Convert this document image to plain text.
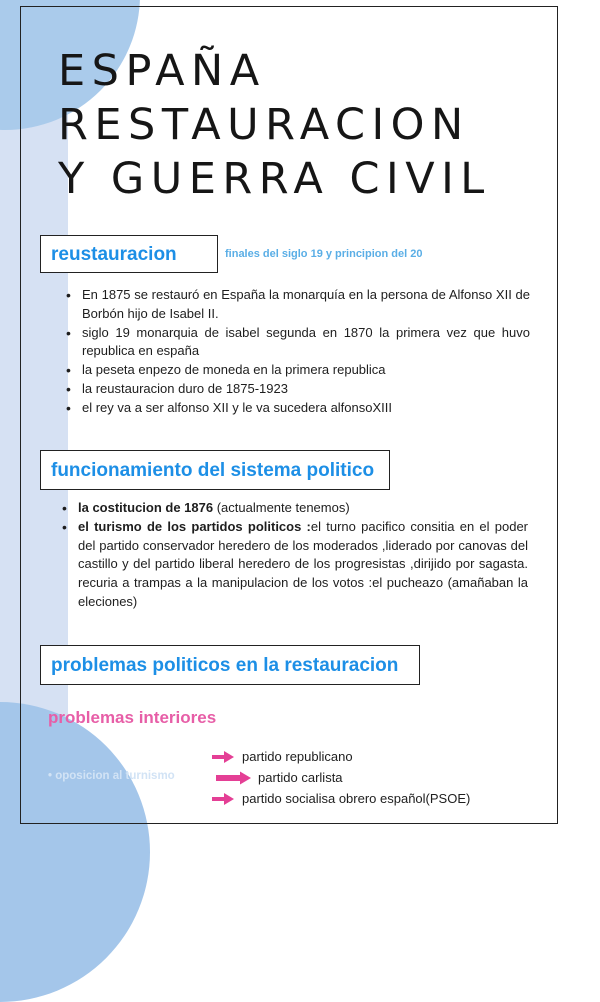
ESPAÑA
RESTAURACION
Y GUERRA CIVIL
reustauracion	finales del siglo 19 y principion del 20
• En 1875 se restauró en España la monarquía en la persona de Alfonso XII de Borbón hijo de Isabel II.
• siglo 19 monarquia de isabel segunda en 1870 la primera vez que huvo republica en españa
• la peseta enpezo de moneda en la primera republica
• la reustauracion duro de 1875-1923
• el rey va a ser alfonso XII y le va sucedera alfonsoXIII
funcionamiento del sistema politico
• la costitucion de 1876 (actualmente tenemos)
• el turismo de los partidos politicos :el turno pacifico consitia en el poder del partido conservador heredero de los moderados ,liderado por canovas del castillo y del partido liberal heredero de los progresistas ,dirijido por sagasta. recuria a trampas a la manipulacion de los votos :el pucheazo (amañaban la eleciones)
problemas politicos en la restauracion
problemas interiores
• oposicion al turnismo
partido republicano
partido carlista
partido socialisa obrero español(PSOE)
